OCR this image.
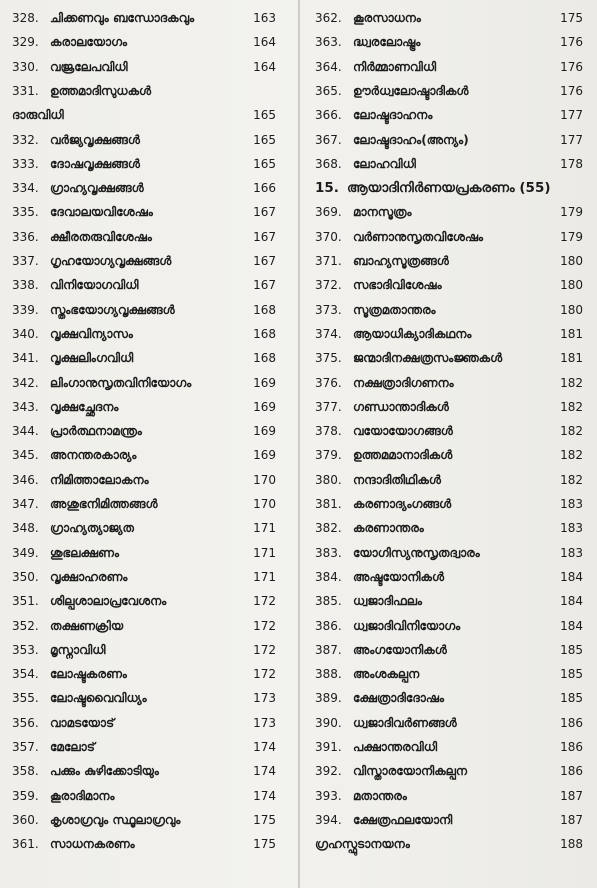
328. ചിക്കണവും ബന്ധോദകവും	163
329. കരാലയോഗം	164
330. വജ്രലേപവിധി	164
331. ഉത്തമാദിസുധകൾ
ദാരുവിധി	165
332. വർജ്യവൃക്ഷങ്ങൾ	165
333. ദോഷവൃക്ഷങ്ങൾ	165
334. ഗ്രാഹ്യവൃക്ഷങ്ങൾ	166
335. ദേവാലയവിശേഷം	167
336. ക്ഷീരതരുവിശേഷം	167
337. ഗൃഹയോഗ്യവൃക്ഷങ്ങൾ	167
338. വിനിയോഗവിധി	167
339. സ്തംഭയോഗ്യവൃക്ഷങ്ങൾ	168
340. വൃക്ഷവിന്യാസം	168
341. വൃക്ഷലിംഗവിധി	168
342. ലിംഗാനുസൃതവിനിയോഗം	169
343. വൃക്ഷച്ഛേദനം	169
344. പ്രാർത്ഥനാമന്ത്രം	169
345. അനന്തരകാര്യം	169
346. നിമിത്താലോകനം	170
347. അശുഭനിമിത്തങ്ങൾ	170
348. ഗ്രാഹ്യത്യാജ്യത	171
349. ശുഭലക്ഷണം	171
350. വൃക്ഷാഹരണം	171
351. ശില്പശാലാപ്രവേശനം	172
352. തക്ഷണക്രിയ	172
353. മൃസ്നാവിധി	172
354. ലോഷ്ടകരണം	172
355. ലോഷ്ടവൈവിധ്യം	173
356. വാമടയോട്	173
357. മേലോട്	174
358. പക്കും കുഴിക്കോടിയും	174
359. കൂരാദിമാനം	174
360. കൃശാഗ്രവും സ്ഥൂലാഗ്രവും	175
361. സാധനകരണം	175
362. കൂരസാധനം	175
363. ദ്ധ്വരലോഷ്ട്രം	176
364. നിർമ്മാണവിധി	176
365. ഊർധ്വലോഷ്ടാദികൾ	176
366. ലോഷ്ടദാഹനം	177
367. ലോഷ്ടദാഹം(അന്യം)	177
368. ലോഹവിധി	178
15. ആയാദിനിർണയപ്രകരണം (55)
369. മാനസൂത്രം	179
370. വർണാനുസൃതവിശേഷം	179
371. ബാഹ്യസൂത്രങ്ങൾ	180
372. സഭാദിവിശേഷം	180
373. സൂത്രമതാന്തരം	180
374. ആയാധിക്യാദികഥനം	181
375. ജന്മാദിനക്ഷത്രസംജ്ഞകൾ	181
376. നക്ഷത്രാദിഗണനം	182
377. ഗണ്ഡാന്താദികൾ	182
378. വയോയോഗങ്ങൾ	182
379. ഉത്തമമാനാദികൾ	182
380. നന്ദാദിതിഥികൾ	182
381. കരണാദ്യംഗങ്ങൾ	183
382. കരണാന്തരം	183
383. യോഗിസ്യനുസൃതദ്വാരം	183
384. അഷ്ടയോനികൾ	184
385. ധ്വജാദിഫലം	184
386. ധ്വജാദിവിനിയോഗം	184
387. അംഗയോനികൾ	185
388. അംശകല്പന	185
389. ക്ഷേത്രാദിദോഷം	185
390. ധ്വജാദിവർണങ്ങൾ	186
391. പക്ഷാന്തരവിധി	186
392. വിസ്താരയോനികല്പന	186
393. മതാന്തരം	187
394. ക്ഷേത്രഫലയോനി	187
ഗ്രഹസ്ഫുടാനയനം	188
